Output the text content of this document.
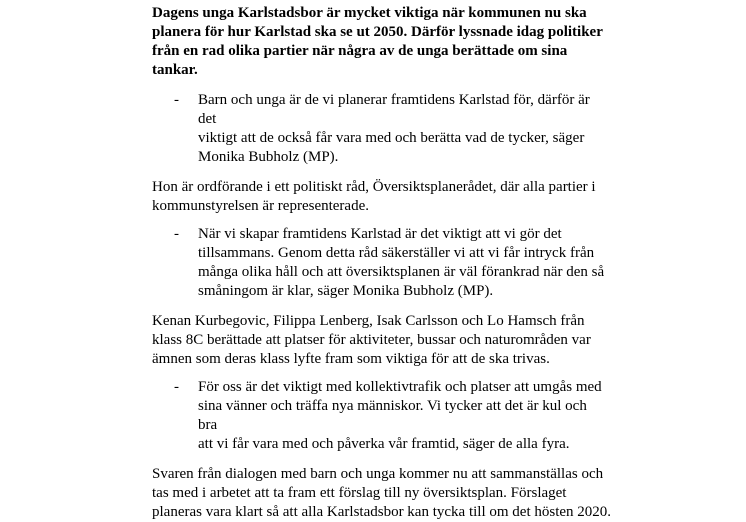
Dagens unga Karlstadsbor är mycket viktiga när kommunen nu ska
planera för hur Karlstad ska se ut 2050. Därför lyssnade idag politiker
från en rad olika partier när några av de unga berättade om sina
tankar.

- Barn och unga är de vi planerar framtidens Karlstad för, därför är det
viktigt att de också får vara med och berätta vad de tycker, säger
Monika Bubholz (MP).

Hon är ordförande i ett politiskt råd, Översiktsplanerådet, där alla partier i
kommunstyrelsen är representerade.

- När vi skapar framtidens Karlstad är det viktigt att vi gör det
tillsammans. Genom detta råd säkerställer vi att vi får intryck från
många olika håll och att översiktsplanen är väl förankrad när den så
småningom är klar, säger Monika Bubholz (MP).

Kenan Kurbegovic, Filippa Lenberg, Isak Carlsson och Lo Hamsch från
klass 8C berättade att platser för aktiviteter, bussar och naturområden var
ämnen som deras klass lyfte fram som viktiga för att de ska trivas.

- För oss är det viktigt med kollektivtrafik och platser att umgås med
sina vänner och träffa nya människor. Vi tycker att det är kul och bra
att vi får vara med och påverka vår framtid, säger de alla fyra.

Svaren från dialogen med barn och unga kommer nu att sammanställas och
tas med i arbetet att ta fram ett förslag till ny översiktsplan. Förslaget
planeras vara klart så att alla Karlstadsbor kan tycka till om det hösten 2020.
